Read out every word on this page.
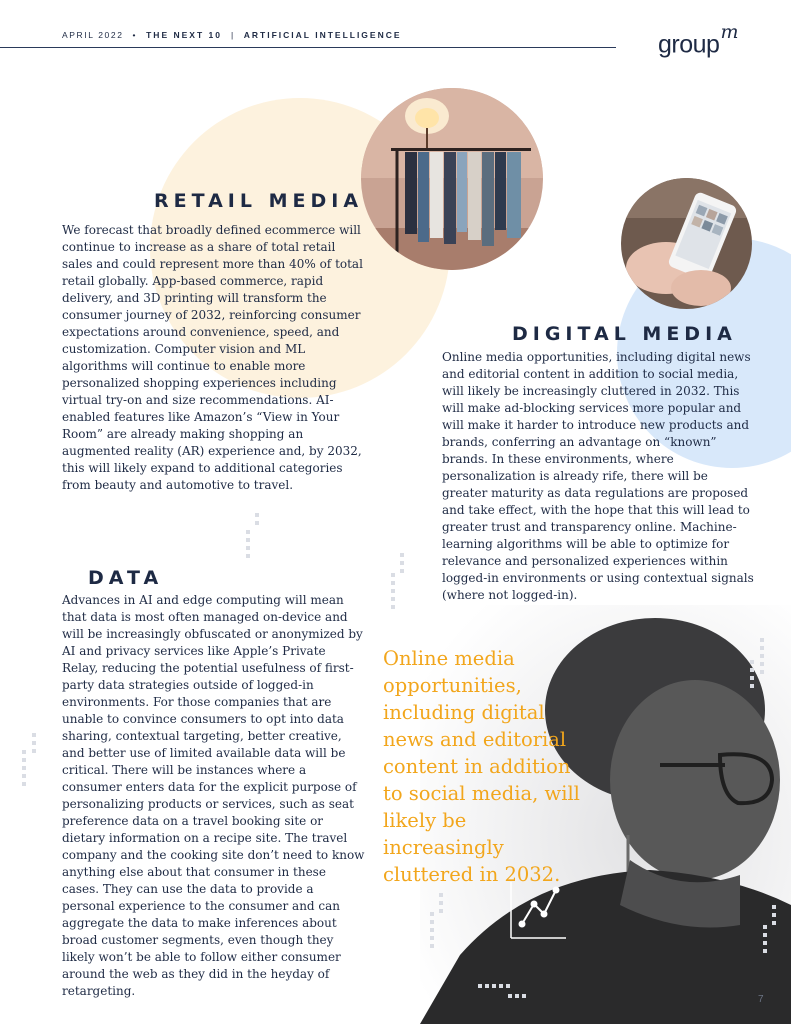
APRIL 2022 • THE NEXT 10 | ARTIFICIAL INTELLIGENCE	group$^m$
RETAIL MEDIA
We forecast that broadly defined ecommerce will continue to increase as a share of total retail sales and could represent more than 40% of total retail globally. App-based commerce, rapid delivery, and 3D printing will transform the consumer journey of 2032, reinforcing consumer expectations around convenience, speed, and customization. Computer vision and ML algorithms will continue to enable more personalized shopping experiences including virtual try-on and size recommendations. AI-enabled features like Amazon’s “View in Your Room” are already making shopping an augmented reality (AR) experience and, by 2032, this will likely expand to additional categories from beauty and automotive to travel.
DIGITAL MEDIA
Online media opportunities, including digital news and editorial content in addition to social media, will likely be increasingly cluttered in 2032. This will make ad-blocking services more popular and will make it harder to introduce new products and brands, conferring an advantage on “known” brands. In these environments, where personalization is already rife, there will be greater maturity as data regulations are proposed and take effect, with the hope that this will lead to greater trust and transparency online. Machine-learning algorithms will be able to optimize for relevance and personalized experiences within logged-in environments or using contextual signals (where not logged-in).
DATA
Advances in AI and edge computing will mean that data is most often managed on-device and will be increasingly obfuscated or anonymized by AI and privacy services like Apple’s Private Relay, reducing the potential usefulness of first-party data strategies outside of logged-in environments. For those companies that are unable to convince consumers to opt into data sharing, contextual targeting, better creative, and better use of limited available data will be critical. There will be instances where a consumer enters data for the explicit purpose of personalizing products or services, such as seat preference data on a travel booking site or dietary information on a recipe site. The travel company and the cooking site don’t need to know anything else about that consumer in these cases. They can use the data to provide a personal experience to the consumer and can aggregate the data to make inferences about broad customer segments, even though they likely won’t be able to follow either consumer around the web as they did in the heyday of retargeting.
Online media opportunities, including digital news and editorial content in addition to social media, will likely be increasingly cluttered in 2032.
7
